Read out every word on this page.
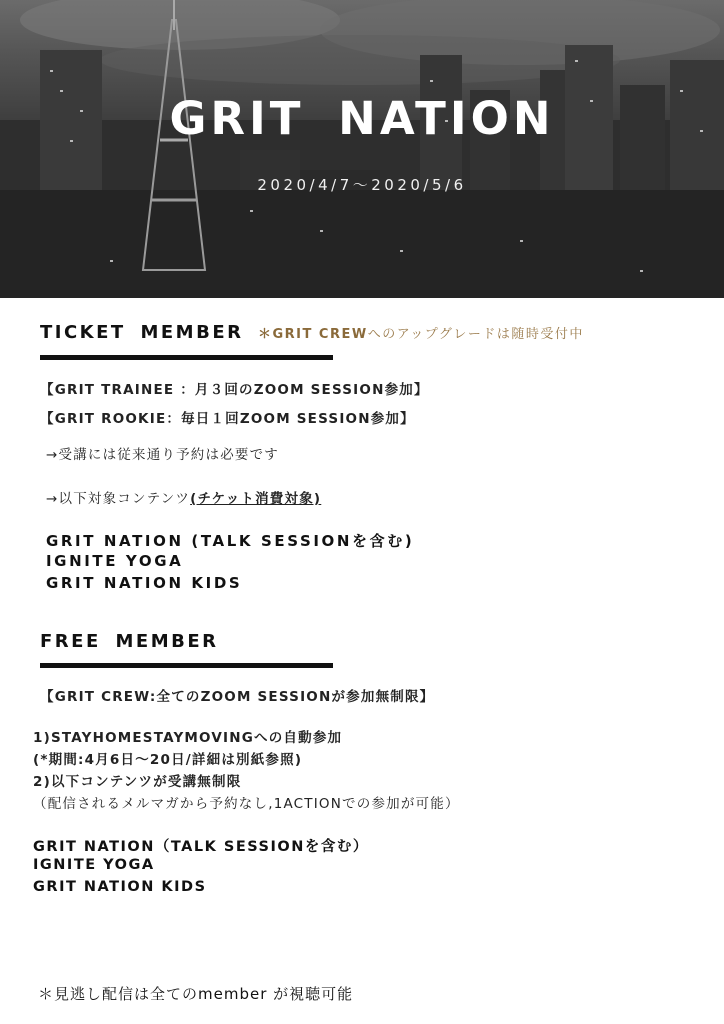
GRIT NATION
2020/4/7～2020/5/6
TICKET MEMBER ＊GRIT CREWへのアップグレードは随時受付中
【GRIT TRAINEE ：月３回のZOOM SESSION参加】
【GRIT ROOKIE：毎日１回ZOOM SESSION参加】
→受講には従来通り予約は必要です
→以下対象コンテンツ(チケット消費対象)
GRIT NATION (TALK SESSIONを含む)
IGNITE YOGA
GRIT NATION KIDS
FREE MEMBER
【GRIT CREW:全てのZOOM SESSIONが参加無制限】
1)STAYHOMESTAYMOVINGへの自動参加
(*期間:4月6日～20日/詳細は別紙参照)
2)以下コンテンツが受講無制限
（配信されるメルマガから予約なし,1ACTIONでの参加が可能）
GRIT NATION（TALK SESSIONを含む）
IGNITE YOGA
GRIT NATION KIDS
＊見逃し配信は全てのmember が視聴可能
